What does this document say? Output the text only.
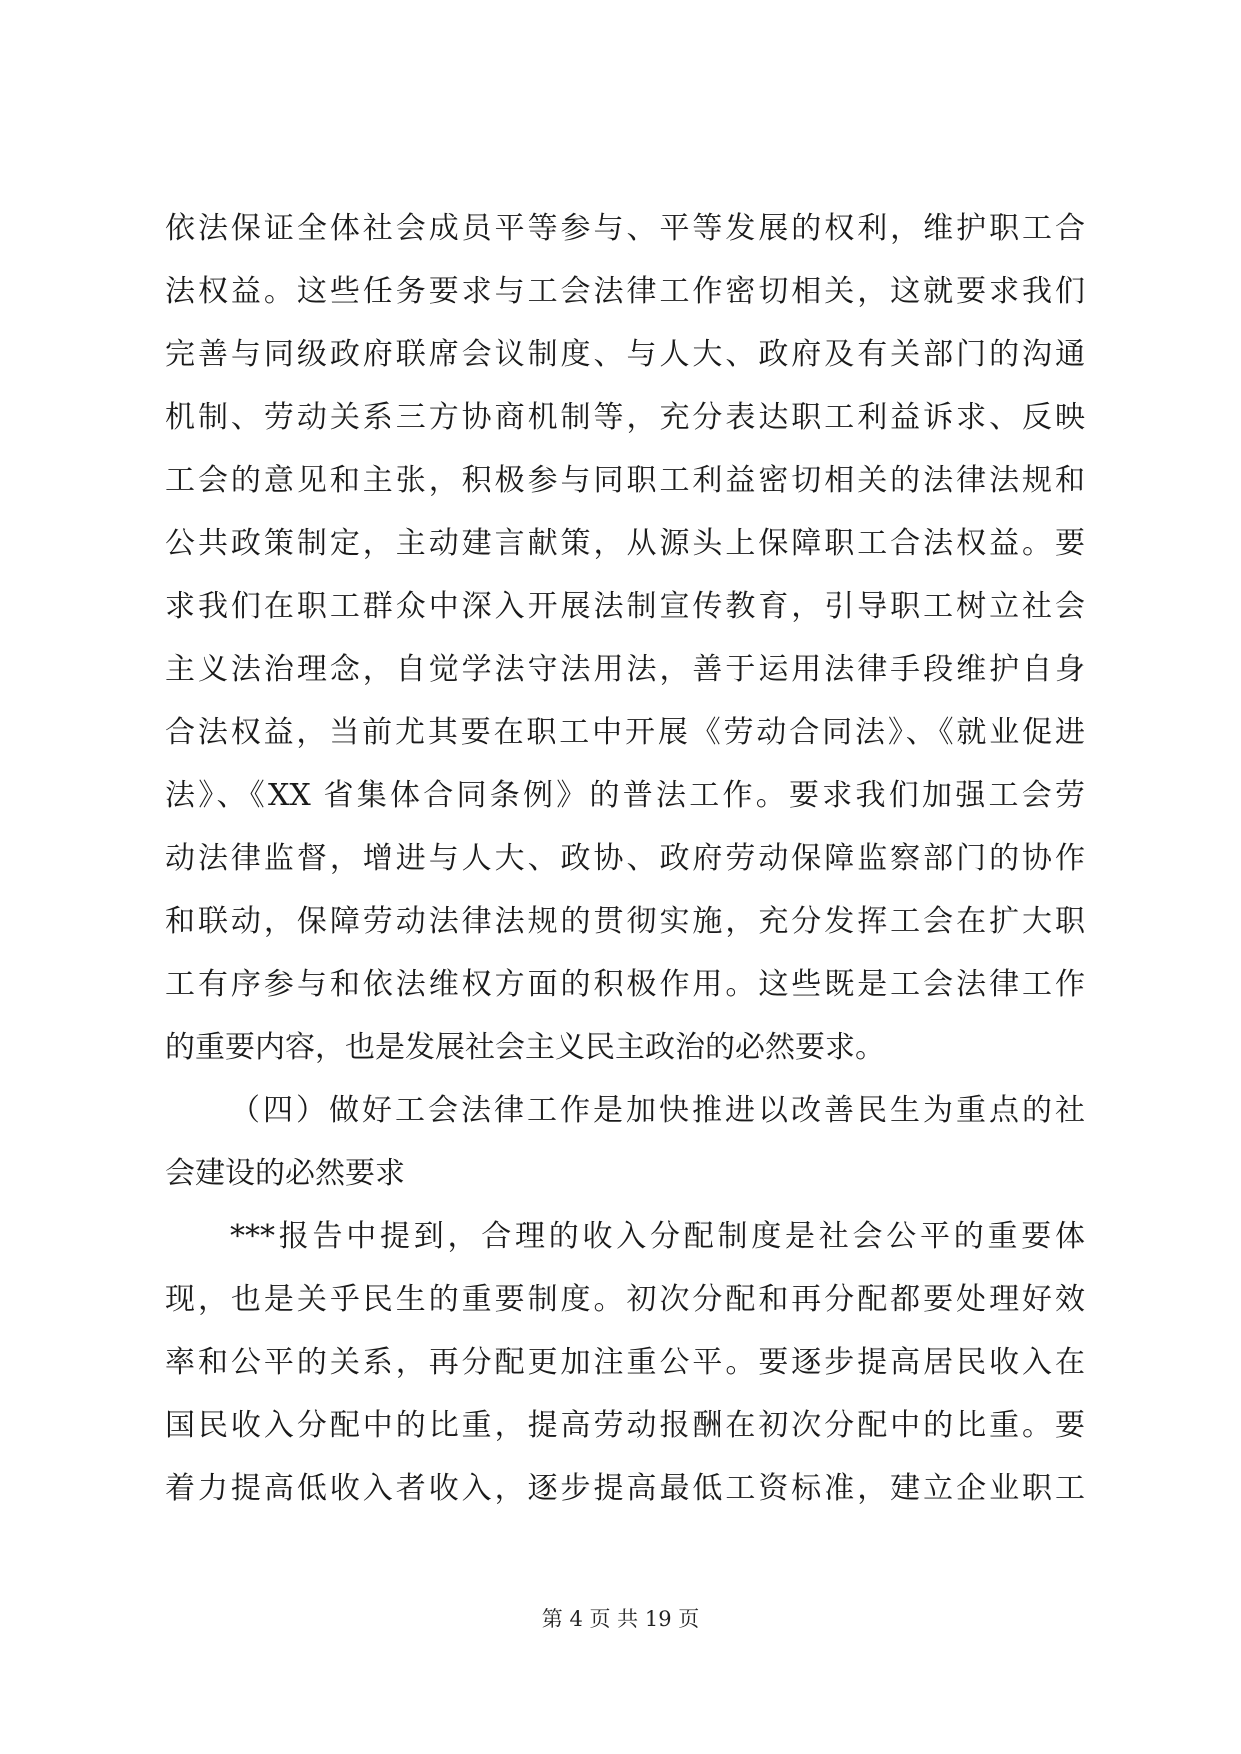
依法保证全体社会成员平等参与、平等发展的权利，维护职工合
法权益。这些任务要求与工会法律工作密切相关，这就要求我们
完善与同级政府联席会议制度、与人大、政府及有关部门的沟通
机制、劳动关系三方协商机制等，充分表达职工利益诉求、反映
工会的意见和主张，积极参与同职工利益密切相关的法律法规和
公共政策制定，主动建言献策，从源头上保障职工合法权益。要
求我们在职工群众中深入开展法制宣传教育，引导职工树立社会
主义法治理念，自觉学法守法用法，善于运用法律手段维护自身
合法权益，当前尤其要在职工中开展《劳动合同法》、《就业促进
法》、《XX 省集体合同条例》的普法工作。要求我们加强工会劳
动法律监督，增进与人大、政协、政府劳动保障监察部门的协作
和联动，保障劳动法律法规的贯彻实施，充分发挥工会在扩大职
工有序参与和依法维权方面的积极作用。这些既是工会法律工作
的重要内容，也是发展社会主义民主政治的必然要求。
（四）做好工会法律工作是加快推进以改善民生为重点的社
会建设的必然要求
***报告中提到，合理的收入分配制度是社会公平的重要体
现，也是关乎民生的重要制度。初次分配和再分配都要处理好效
率和公平的关系，再分配更加注重公平。要逐步提高居民收入在
国民收入分配中的比重，提高劳动报酬在初次分配中的比重。要
着力提高低收入者收入，逐步提高最低工资标准，建立企业职工
第 4 页 共 19 页
